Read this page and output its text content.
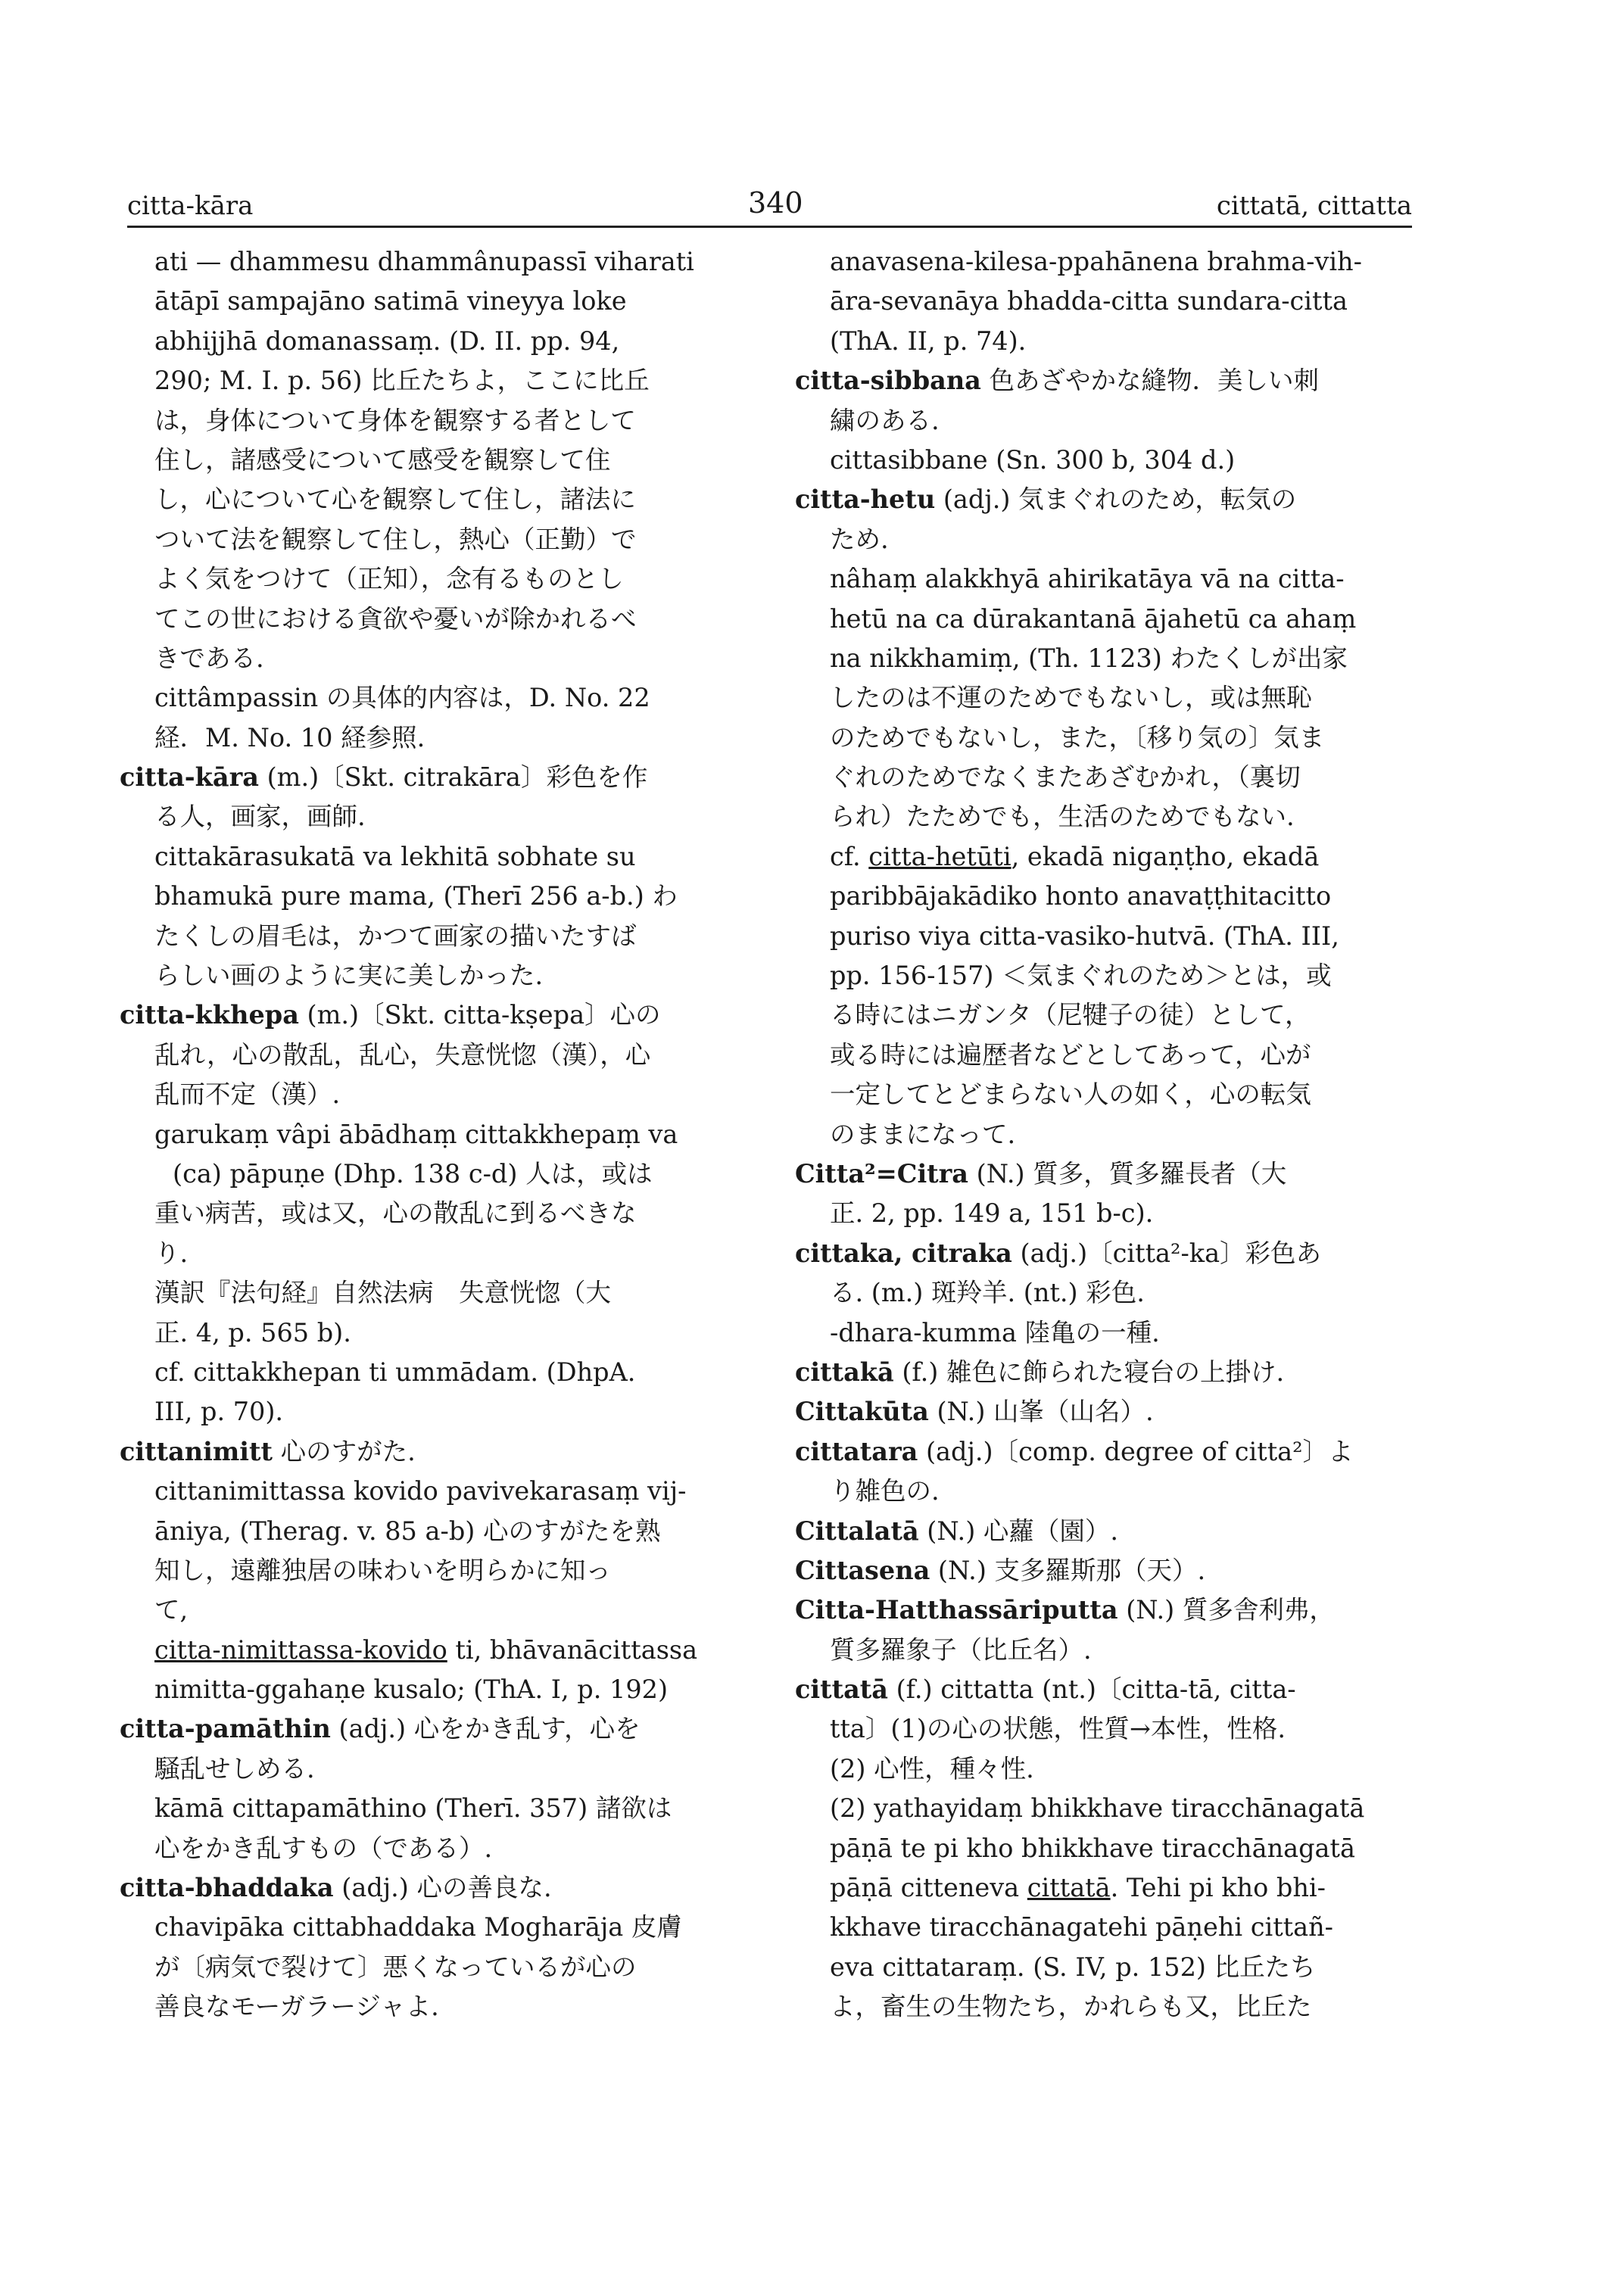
citta-kāra	340	cittatā, cittatta
ati — dhammesu dhammânupassī viharati
ātāpī sampajāno satimā vineyya loke
abhijjhā domanassaṃ. (D. II. pp. 94,
290; M. I. p. 56) 比丘たちよ，ここに比丘
は，身体について身体を観察する者として
住し，諸感受について感受を観察して住
し，心について心を観察して住し，諸法に
ついて法を観察して住し，熱心（正勤）で
よく気をつけて（正知），念有るものとし
てこの世における貪欲や憂いが除かれるべ
きである.
cittâmpassin の具体的内容は，D. No. 22
経．M. No. 10 経参照.
citta-kāra (m.)〔Skt. citrakāra〕彩色を作
る人，画家，画師.
cittakārasukatā va lekhitā sobhate su
bhamukā pure mama, (Therī 256 a-b.) わ
たくしの眉毛は，かつて画家の描いたすば
らしい画のように実に美しかった.
citta-kkhepa (m.)〔Skt. citta-kṣepa〕心の
乱れ，心の散乱，乱心，失意恍惚（漢），心
乱而不定（漢）.
garukaṃ vâpi ābādhaṃ cittakkhepaṃ va
(ca) pāpuṇe (Dhp. 138 c-d) 人は，或は
重い病苦，或は又，心の散乱に到るべきな
り.
漢訳『法句経』自然法病　失意恍惚（大
正. 4, p. 565 b).
cf. cittakkhepan ti ummādam. (DhpA.
III, p. 70).
cittanimitt 心のすがた.
cittanimittassa kovido pavivekarasaṃ vij-
āniya, (Therag. v. 85 a-b) 心のすがたを熟
知し，遠離独居の味わいを明らかに知っ
て,
citta-nimittassa-kovido ti, bhāvanācittassa
nimitta-ggahaṇe kusalo; (ThA. I, p. 192)
citta-pamāthin (adj.) 心をかき乱す，心を
騒乱せしめる.
kāmā cittapamāthino (Therī. 357) 諸欲は
心をかき乱すもの（である）.
citta-bhaddaka (adj.) 心の善良な.
chavipāka cittabhaddaka Mogharāja 皮膚
が〔病気で裂けて〕悪くなっているが心の
善良なモーガラージャよ.
anavasena-kilesa-ppahānena brahma-vih-
āra-sevanāya bhadda-citta sundara-citta
(ThA. II, p. 74).
citta-sibbana 色あざやかな縫物．美しい刺
繍のある.
cittasibbane (Sn. 300 b, 304 d.)
citta-hetu (adj.) 気まぐれのため，転気の
ため.
nâhaṃ alakkhyā ahirikatāya vā na citta-
hetū na ca dūrakantanā ājahetū ca ahaṃ
na nikkhamiṃ, (Th. 1123) わたくしが出家
したのは不運のためでもないし，或は無恥
のためでもないし，また，〔移り気の〕気ま
ぐれのためでなくまたあざむかれ，（裏切
られ）たためでも，生活のためでもない.
cf. citta-hetūti, ekadā nigaṇṭho, ekadā
paribbājakādiko honto anavaṭṭhitacitto
puriso viya citta-vasiko-hutvā. (ThA. III,
pp. 156-157) ＜気まぐれのため＞とは，或
る時にはニガンタ（尼犍子の徒）として，
或る時には遍歴者などとしてあって，心が
一定してとどまらない人の如く，心の転気
のままになって.
Citta²=Citra (N.) 質多，質多羅長者（大
正. 2, pp. 149 a, 151 b-c).
cittaka, citraka (adj.)〔citta²-ka〕彩色あ
る. (m.) 斑羚羊. (nt.) 彩色.
-dhara-kumma 陸亀の一種.
cittakā (f.) 雑色に飾られた寝台の上掛け.
Cittakūta (N.) 山峯（山名）.
cittatara (adj.)〔comp. degree of citta²〕よ
り雑色の.
Cittalatā (N.) 心蘿（園）.
Cittasena (N.) 支多羅斯那（天）.
Citta-Hatthassāriputta (N.) 質多舎利弗，
質多羅象子（比丘名）.
cittatā (f.) cittatta (nt.)〔citta-tā, citta-
tta〕(1)の心の状態，性質→本性，性格.
(2) 心性，種々性.
(2) yathayidaṃ bhikkhave tiracchānagatā
pāṇā te pi kho bhikkhave tiracchānagatā
pāṇā citteneva cittatā. Tehi pi kho bhi-
kkhave tiracchānagatehi pāṇehi cittañ-
eva cittataraṃ. (S. IV, p. 152) 比丘たち
よ，畜生の生物たち，かれらも又，比丘た
